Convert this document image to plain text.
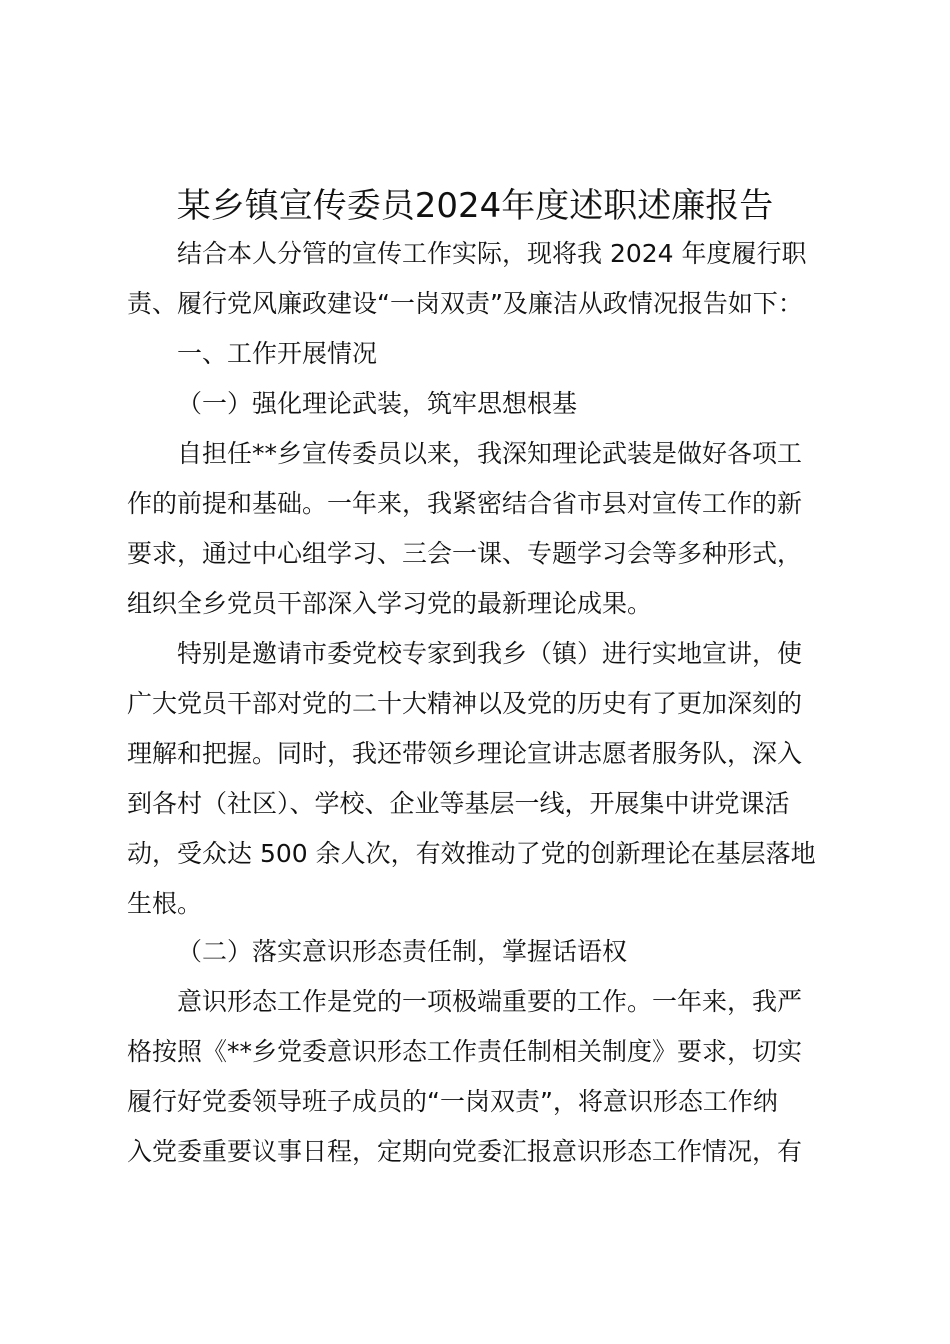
某乡镇宣传委员2024年度述职述廉报告
结合本人分管的宣传工作实际，现将我 2024 年度履行职
责、履行党风廉政建设“一岗双责”及廉洁从政情况报告如下：
一、工作开展情况
（一）强化理论武装，筑牢思想根基
自担任**乡宣传委员以来，我深知理论武装是做好各项工
作的前提和基础。一年来，我紧密结合省市县对宣传工作的新
要求，通过中心组学习、三会一课、专题学习会等多种形式，
组织全乡党员干部深入学习党的最新理论成果。
特别是邀请市委党校专家到我乡（镇）进行实地宣讲，使
广大党员干部对党的二十大精神以及党的历史有了更加深刻的
理解和把握。同时，我还带领乡理论宣讲志愿者服务队，深入
到各村（社区）、学校、企业等基层一线，开展集中讲党课活
动，受众达 500 余人次，有效推动了党的创新理论在基层落地
生根。
（二）落实意识形态责任制，掌握话语权
意识形态工作是党的一项极端重要的工作。一年来，我严
格按照《**乡党委意识形态工作责任制相关制度》要求，切实
履行好党委领导班子成员的“一岗双责”，将意识形态工作纳
入党委重要议事日程，定期向党委汇报意识形态工作情况，有
